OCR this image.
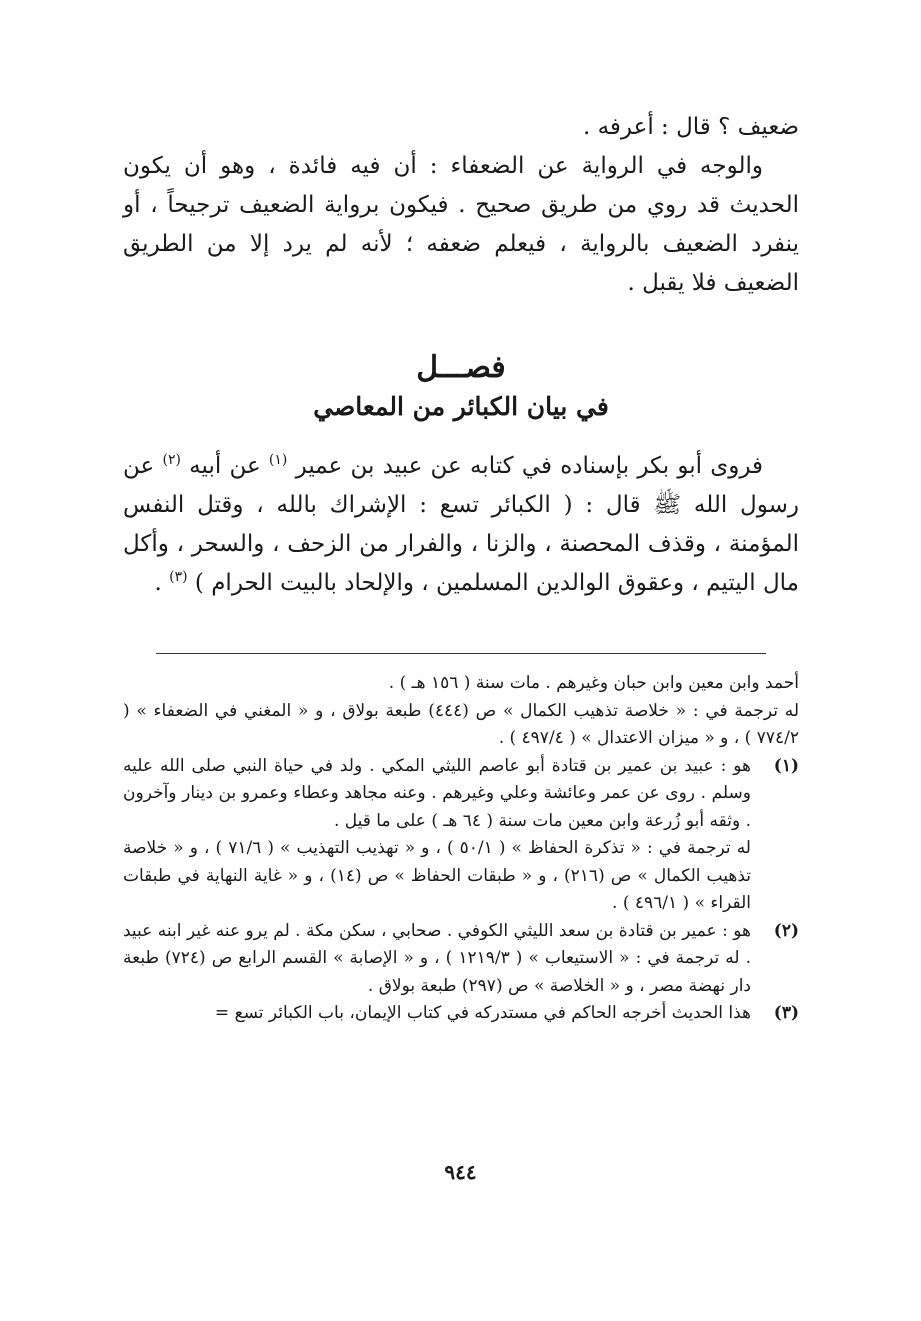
ضعيف ؟ قال : أعرفه .

والوجه في الرواية عن الضعفاء : أن فيه فائدة ، وهو أن يكون الحديث قد روي من طريق صحيح . فيكون برواية الضعيف ترجيحاً ، أو ينفرد الضعيف بالرواية ، فيعلم ضعفه ؛ لأنه لم يرد إلا من الطريق الضعيف فلا يقبل .

فصـــل
في بيان الكبائر من المعاصي

فروى أبو بكر بإسناده في كتابه عن عبيد بن عمير $^{(١)}$ عن أبيه $^{(٢)}$ عن رسول الله ﷺ قال : ( الكبائر تسع : الإشراك بالله ، وقتل النفس المؤمنة ، وقذف المحصنة ، والزنا ، والفرار من الزحف ، والسحر ، وأكل مال اليتيم ، وعقوق الوالدين المسلمين ، والإلحاد بالبيت الحرام ) $^{(٣)}$ .

أحمد وابن معين وابن حبان وغيرهم . مات سنة ( ١٥٦ هـ ) .

له ترجمة في : « خلاصة تذهيب الكمال » ص (٤٤٤) طبعة بولاق ، و « المغني في الضعفاء » ( ٧٧٤/٢ ) ، و « ميزان الاعتدال » ( ٤٩٧/٤ ) .

(١)

هو : عبيد بن عمير بن قتادة أبو عاصم الليثي المكي . ولد في حياة النبي صلى الله عليه وسلم . روى عن عمر وعائشة وعلي وغيرهم . وعنه مجاهد وعطاء وعمرو بن دينار وآخرون . وثقه أبو زُرعة وابن معين مات سنة ( ٦٤ هـ ) على ما قيل .

له ترجمة في : « تذكرة الحفاظ » ( ٥٠/١ ) ، و « تهذيب التهذيب » ( ٧١/٦ ) ، و « خلاصة تذهيب الكمال » ص (٢١٦) ، و « طبقات الحفاظ » ص (١٤) ، و « غاية النهاية في طبقات القراء » ( ٤٩٦/١ ) .

(٢)

هو : عمير بن قتادة بن سعد الليثي الكوفي . صحابي ، سكن مكة . لم يرو عنه غير ابنه عبيد . له ترجمة في : « الاستيعاب » ( ١٢١٩/٣ ) ، و « الإصابة » القسم الرابع ص (٧٢٤) طبعة دار نهضة مصر ، و « الخلاصة » ص (٢٩٧) طبعة بولاق .

(٣)

هذا الحديث أخرجه الحاكم في مستدركه في كتاب الإيمان، باب الكبائر تسع =

٩٤٤
